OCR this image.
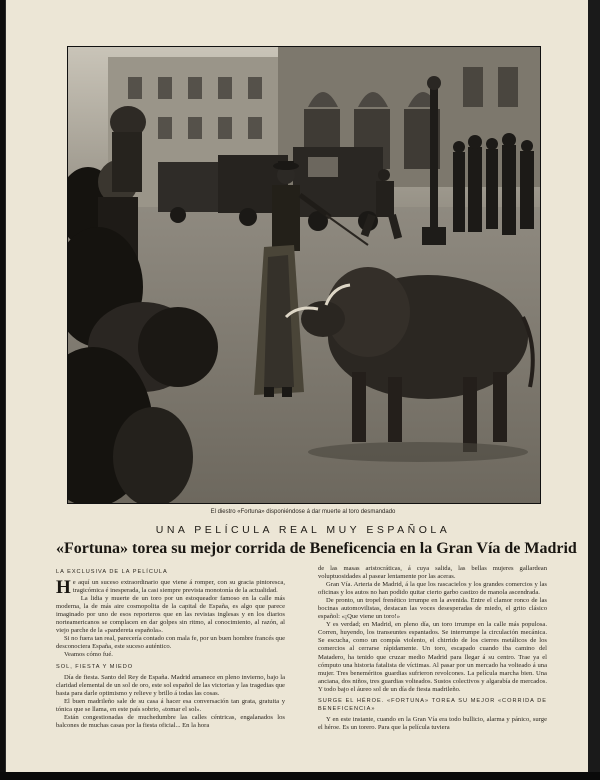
El diestro «Fortuna» disponiéndose á dar muerte al toro desmandado
UNA PELÍCULA REAL MUY ESPAÑOLA
«Fortuna» torea su mejor corrida de Beneficencia en la Gran Vía de Madrid
LA EXCLUSIVA DE LA PELÍCULA

He aquí un suceso extraordinario que viene á romper, con su gracia pintoresca, tragicómica é inesperada, la casi siempre prevista monotonía de la actualidad.

La lidia y muerte de un toro por un estoqueador famoso en la calle más moderna, la de más aire cosmopolita de la capital de España, es algo que parece imaginado por uno de esos reporteros que en las revistas inglesas y en los diarios norteamericanos se complacen en dar golpes sin ritmo, al conocimiento, al razón, al viejo parche de la «pandereta española».

Si no fuera tan real, parecería contado con mala fe, por un buen hombre francés que desconociera España, este suceso auténtico.

Veamos cómo fué.

SOL, FIESTA Y MIEDO

Día de fiesta. Santo del Rey de España. Madrid amanece en pleno invierno, bajo la claridad elemental de un sol de oro, este sol español de las victorias y las tragedias que basta para darle optimismo y relieve y brillo á todas las cosas.

El buen madrileño sale de su casa á hacer esa conversación tan grata, gratuita y tónica que se llama, en este país sobrio, «tomar el sol».

Están congestionadas de muchedumbre las calles céntricas, engalanados los balcones de muchas casas por la fiesta oficial... En la hora

de las masas aristocráticas, á cuya salida, las bellas mujeres gallardean voluptuosidades al pasear lentamente por las aceras.

Gran Vía. Arteria de Madrid, á la que los rascacielos y los grandes comercios y las oficinas y los autos no han podido quitar cierto garbo castizo de manola ascendrada.

De pronto, un tropel frenético irrumpe en la avenida. Entre el clamor ronco de las bocinas automovilistas, destacan las voces desesperadas de miedo, el grito clásico español: «¡Que viene un toro!»

Y es verdad; en Madrid, en pleno día, un toro irrumpe en la calle más populosa. Corren, huyendo, los transeuntes espantados. Se interrumpe la circulación mecánica. Se escucha, como un compás violento, el chirrido de los cierres metálicos de los comercios al cerrarse rápidamente. Un toro, escapado cuando iba camino del Matadero, ha tenido que cruzar medio Madrid para llegar á su centro. Trae ya el cómputo una historia fatalista de víctimas. Al pasar por un mercado ha volteado á una mujer. Tres beneméritos guardias sufrieron revolcones. La película marcha bien. Una anciana, dos niños, tres guardias volteados. Sustos colectivos y algarabía de mercados. Y todo bajo el áureo sol de un día de fiesta madrileño.

SURGE EL HÉROE. «FORTUNA» TOREA SU MEJOR «CORRIDA DE BENEFICENCIA»

Y en este instante, cuando en la Gran Vía era todo bullicio, alarma y pánico, surge el héroe. Es un torero. Para que la película tuviera
